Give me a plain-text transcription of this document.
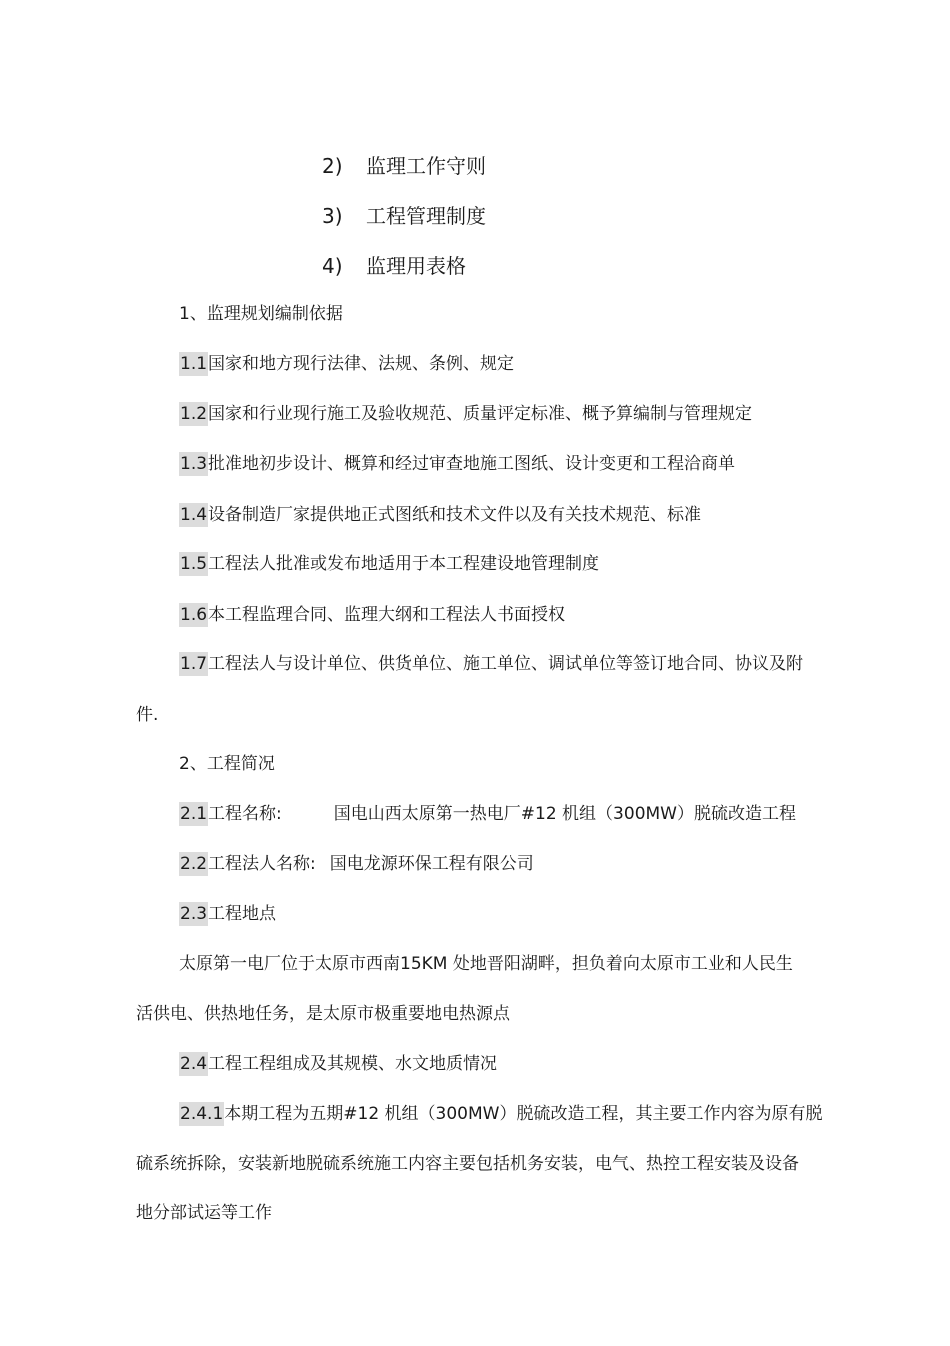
2) 监理工作守则
3) 工程管理制度
4) 监理用表格
1、监理规划编制依据
1.1国家和地方现行法律、法规、条例、规定
1.2国家和行业现行施工及验收规范、质量评定标准、概予算编制与管理规定
1.3批准地初步设计、概算和经过审查地施工图纸、设计变更和工程洽商单
1.4设备制造厂家提供地正式图纸和技术文件以及有关技术规范、标准
1.5工程法人批准或发布地适用于本工程建设地管理制度
1.6本工程监理合同、监理大纲和工程法人书面授权
1.7工程法人与设计单位、供货单位、施工单位、调试单位等签订地合同、协议及附
件.
2、工程简况
2.1工程名称:	国电山西太原第一热电厂#12 机组（300MW）脱硫改造工程
2.2工程法人名称: 国电龙源环保工程有限公司
2.3工程地点
太原第一电厂位于太原市西南15KM 处地晋阳湖畔，担负着向太原市工业和人民生
活供电、供热地任务，是太原市极重要地电热源点
2.4工程工程组成及其规模、水文地质情况
2.4.1本期工程为五期#12 机组（300MW）脱硫改造工程，其主要工作内容为原有脱
硫系统拆除，安装新地脱硫系统施工内容主要包括机务安装，电气、热控工程安装及设备
地分部试运等工作
